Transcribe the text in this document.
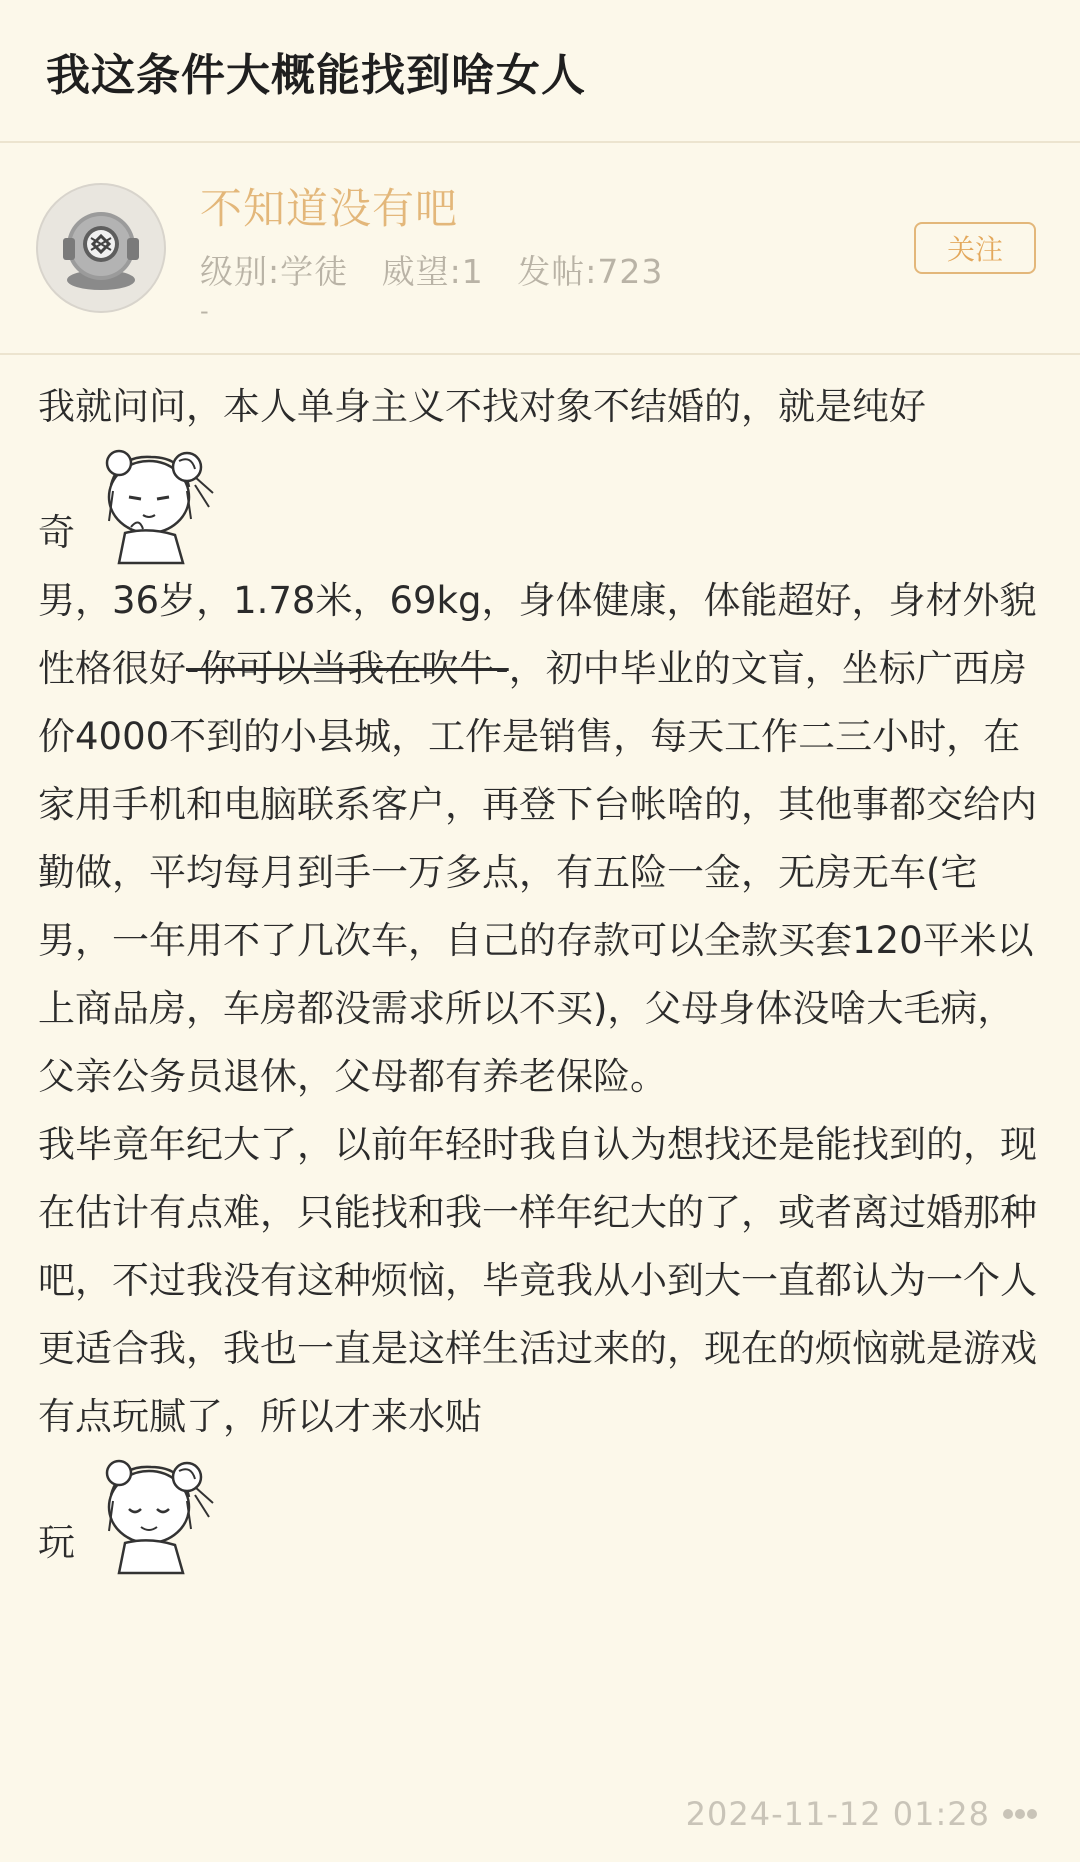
我这条件大概能找到啥女人
不知道没有吧
级别:学徒 威望:1 发帖:723
-
关注

我就问问，本人单身主义不找对象不结婚的，就是纯好

奇

男，36岁，1.78米，69kg，身体健康，体能超好，身材外貌性格很好-你可以当我在吹牛-，初中毕业的文盲，坐标广西房价4000不到的小县城，工作是销售，每天工作二三小时，在家用手机和电脑联系客户，再登下台帐啥的，其他事都交给内勤做，平均每月到手一万多点，有五险一金，无房无车(宅男，一年用不了几次车，自己的存款可以全款买套120平米以上商品房，车房都没需求所以不买)，父母身体没啥大毛病，父亲公务员退休，父母都有养老保险。

我毕竟年纪大了，以前年轻时我自认为想找还是能找到的，现在估计有点难，只能找和我一样年纪大的了，或者离过婚那种吧，不过我没有这种烦恼，毕竟我从小到大一直都认为一个人更适合我，我也一直是这样生活过来的，现在的烦恼就是游戏有点玩腻了，所以才来水贴

玩
2024-11-12 01:28
